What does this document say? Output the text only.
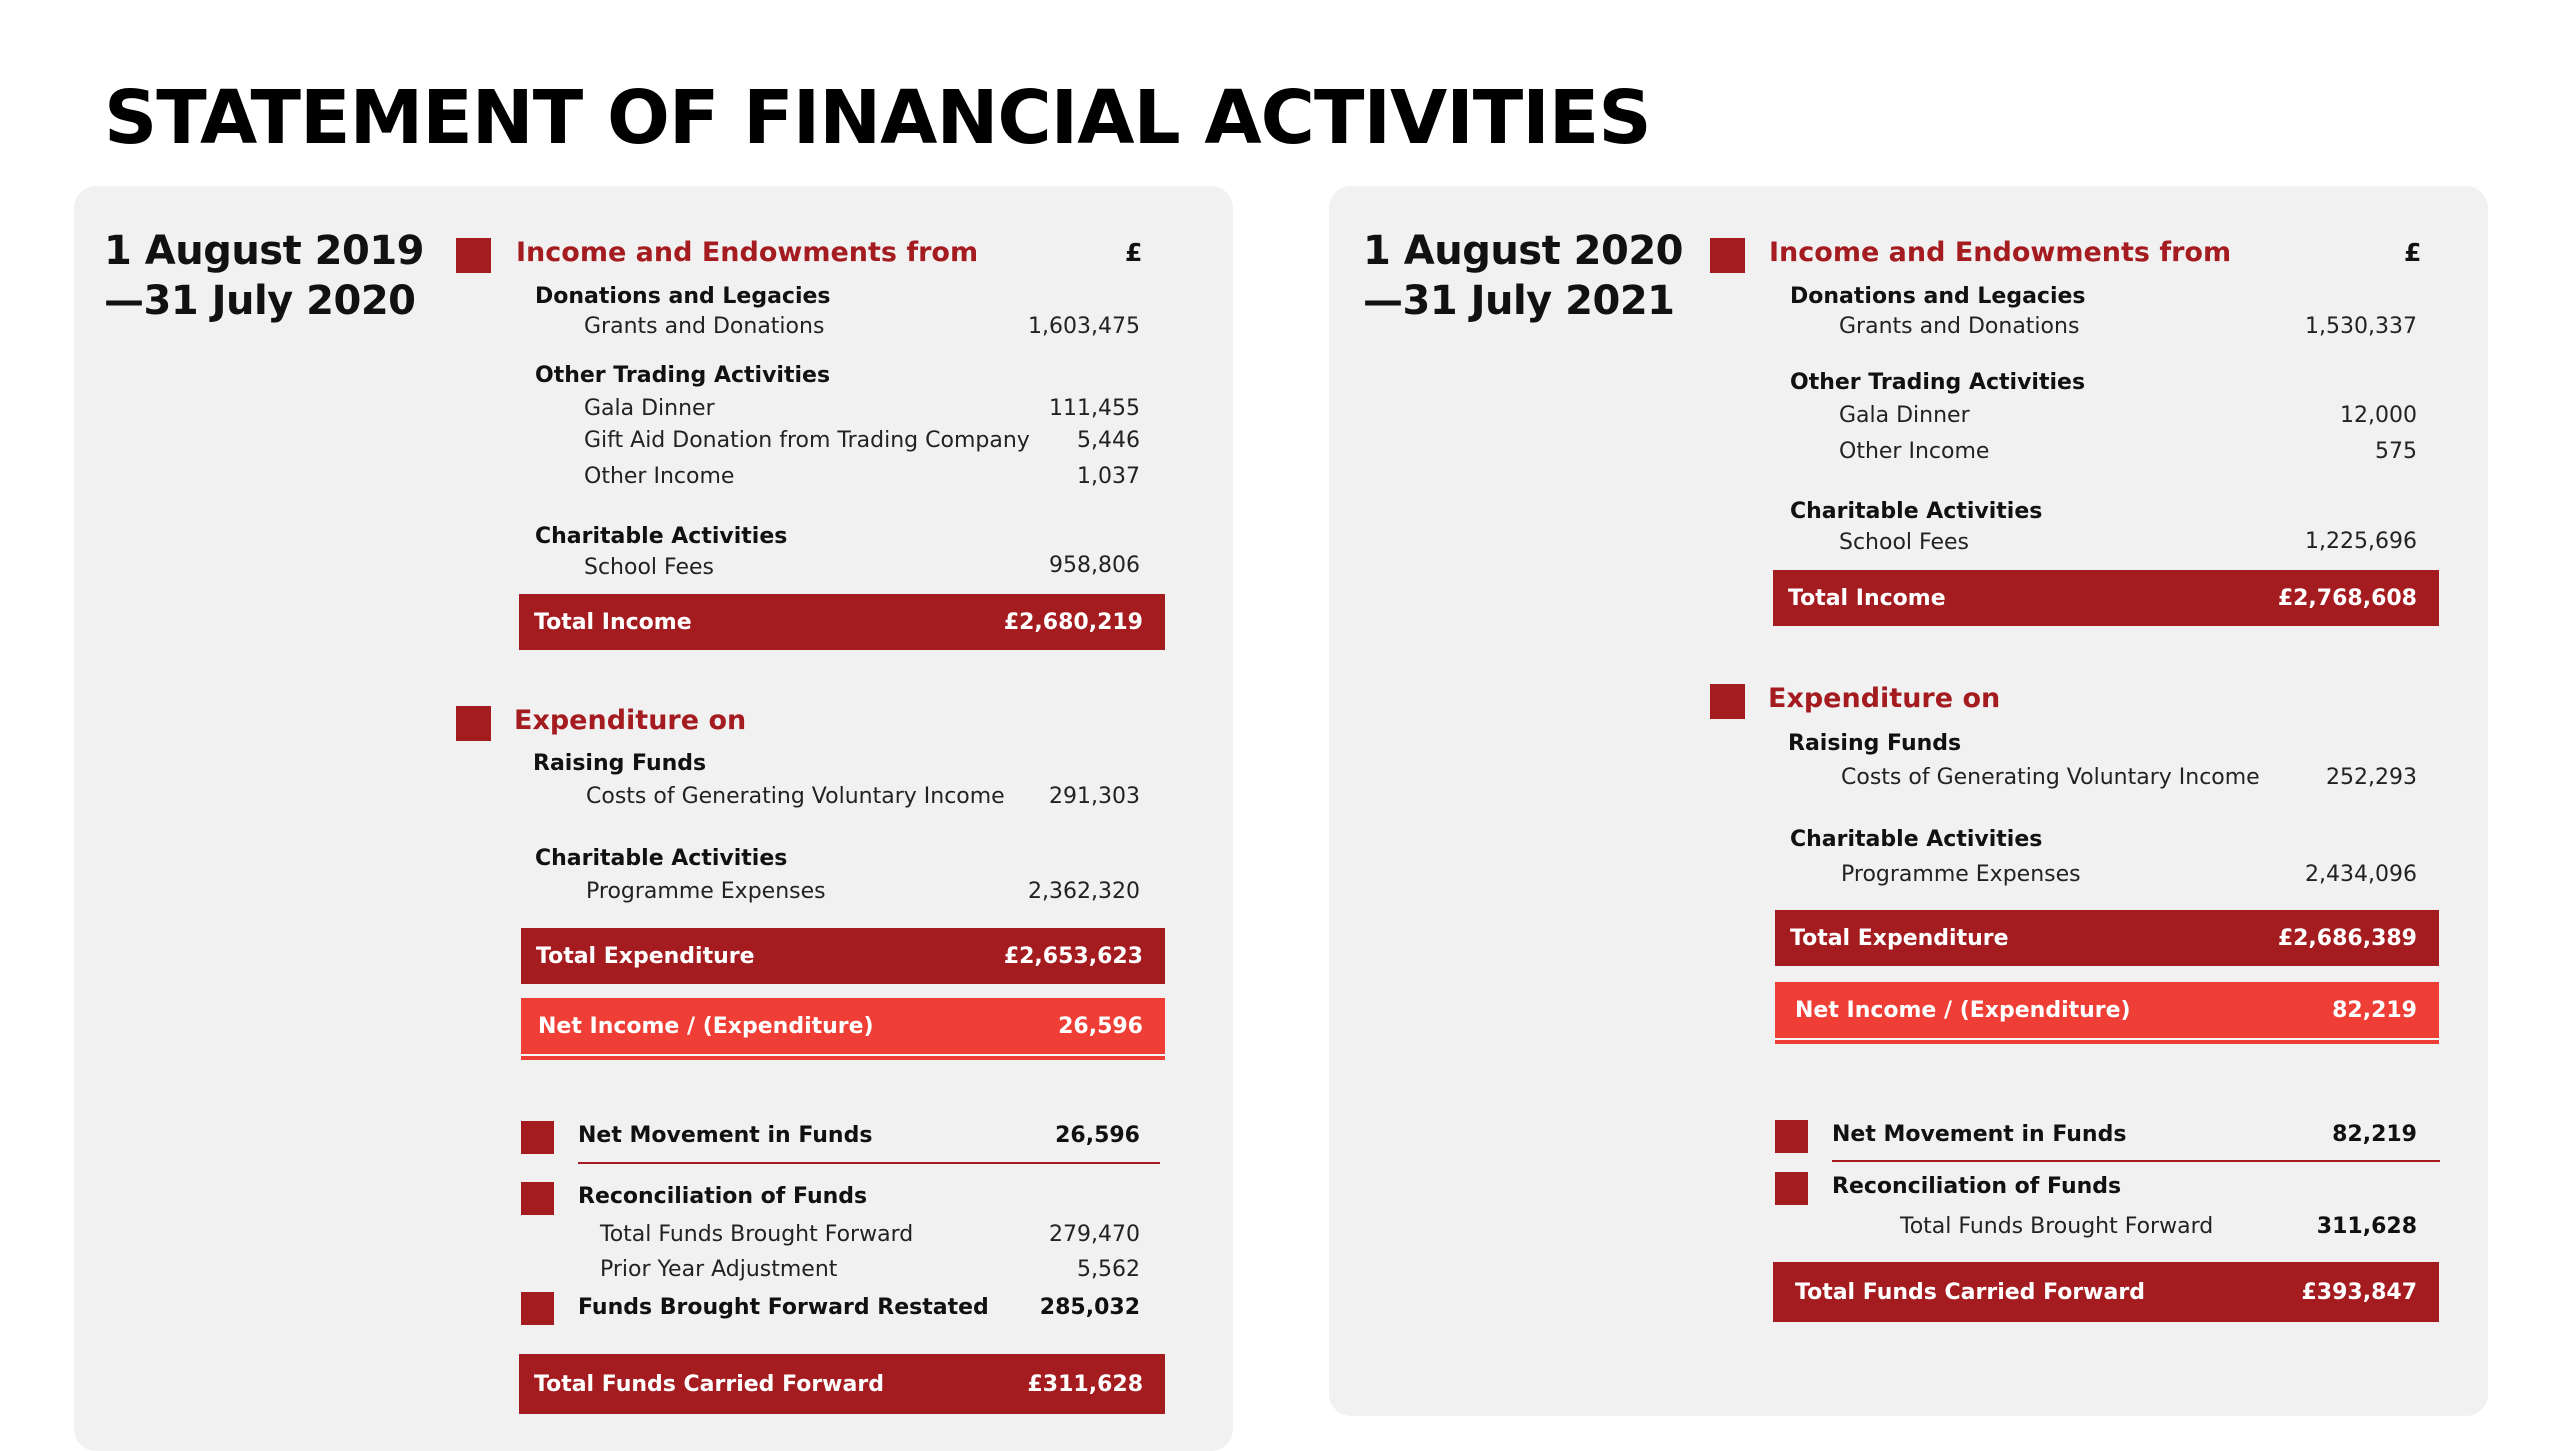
STATEMENT OF FINANCIAL ACTIVITIES
1 August 2019
—31 July 2020
Income and Endowments from	£
Donations and Legacies
Grants and Donations	1,603,475
Other Trading Activities
Gala Dinner	111,455
Gift Aid Donation from Trading Company	5,446
Other Income	1,037
Charitable Activities
School Fees	958,806
Total Income	£2,680,219
Expenditure on
Raising Funds
Costs of Generating Voluntary Income	291,303
Charitable Activities
Programme Expenses	2,362,320
Total Expenditure	£2,653,623
Net Income / (Expenditure)	26,596
Net Movement in Funds	26,596
Reconciliation of Funds
Total Funds Brought Forward	279,470
Prior Year Adjustment	5,562
Funds Brought Forward Restated	285,032
Total Funds Carried Forward	£311,628
1 August 2020
—31 July 2021
Income and Endowments from	£
Donations and Legacies
Grants and Donations	1,530,337
Other Trading Activities
Gala Dinner	12,000
Other Income	575
Charitable Activities
School Fees	1,225,696
Total Income	£2,768,608
Expenditure on
Raising Funds
Costs of Generating Voluntary Income	252,293
Charitable Activities
Programme Expenses	2,434,096
Total Expenditure	£2,686,389
Net Income / (Expenditure)	82,219
Net Movement in Funds	82,219
Reconciliation of Funds
Total Funds Brought Forward	311,628
Total Funds Carried Forward	£393,847
